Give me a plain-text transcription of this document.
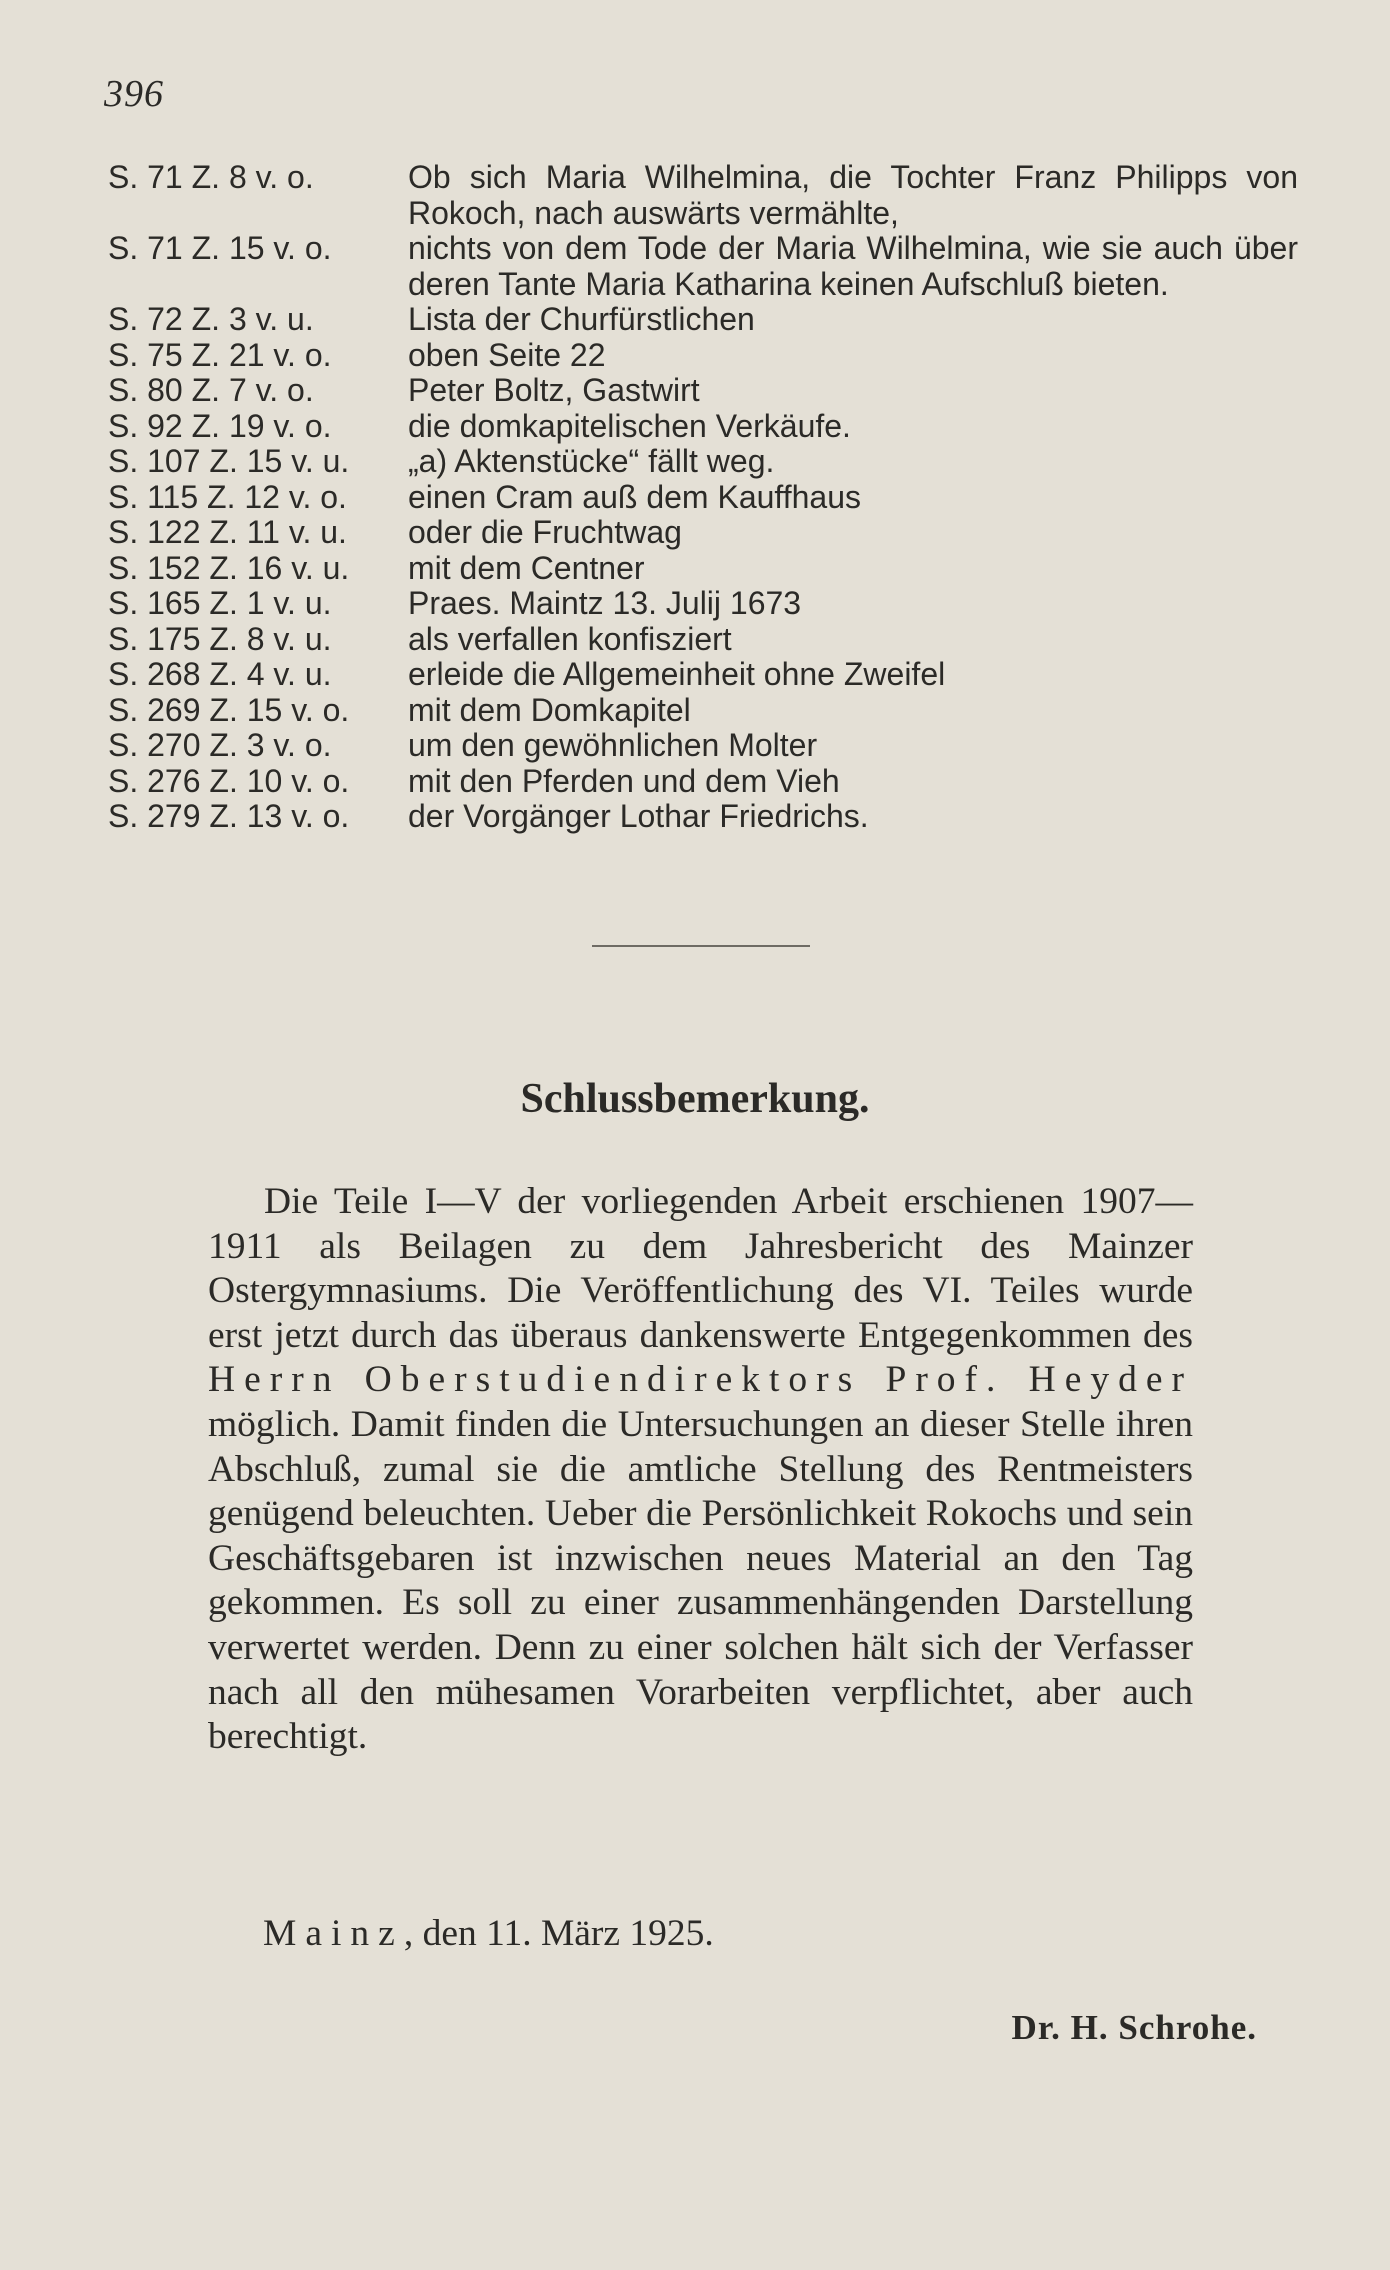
396
S. 71 Z. 8 v. o.	Ob sich Maria Wilhelmina, die Tochter Franz Philipps von Rokoch, nach auswärts vermählte,
S. 71 Z. 15 v. o.	nichts von dem Tode der Maria Wilhelmina, wie sie auch über deren Tante Maria Katharina keinen Aufschluß bieten.
S. 72 Z. 3 v. u.	Lista der Churfürstlichen
S. 75 Z. 21 v. o.	oben Seite 22
S. 80 Z. 7 v. o.	Peter Boltz, Gastwirt
S. 92 Z. 19 v. o.	die domkapitelischen Verkäufe.
S. 107 Z. 15 v. u.	„a) Aktenstücke“ fällt weg.
S. 115 Z. 12 v. o.	einen Cram auß dem Kauffhaus
S. 122 Z. 11 v. u.	oder die Fruchtwag
S. 152 Z. 16 v. u.	mit dem Centner
S. 165 Z. 1 v. u.	Praes. Maintz 13. Julij 1673
S. 175 Z. 8 v. u.	als verfallen konfisziert
S. 268 Z. 4 v. u.	erleide die Allgemeinheit ohne Zweifel
S. 269 Z. 15 v. o.	mit dem Domkapitel
S. 270 Z. 3 v. o.	um den gewöhnlichen Molter
S. 276 Z. 10 v. o.	mit den Pferden und dem Vieh
S. 279 Z. 13 v. o.	der Vorgänger Lothar Friedrichs.
Schlussbemerkung.

Die Teile I—V der vorliegenden Arbeit erschienen 1907—1911 als Beilagen zu dem Jahresbericht des Mainzer Ostergymnasiums. Die Veröffentlichung des VI. Teiles wurde erst jetzt durch das überaus dankenswerte Entgegenkommen des Herrn Oberstudiendirektors Prof. Heyder möglich. Damit finden die Untersuchungen an dieser Stelle ihren Abschluß, zumal sie die amtliche Stellung des Rentmeisters genügend beleuchten. Ueber die Persönlichkeit Rokochs und sein Geschäftsgebaren ist inzwischen neues Material an den Tag gekommen. Es soll zu einer zusammenhängenden Darstellung verwertet werden. Denn zu einer solchen hält sich der Verfasser nach all den mühesamen Vorarbeiten verpflichtet, aber auch berechtigt.

Mainz, den 11. März 1925.
Dr. H. Schrohe.
